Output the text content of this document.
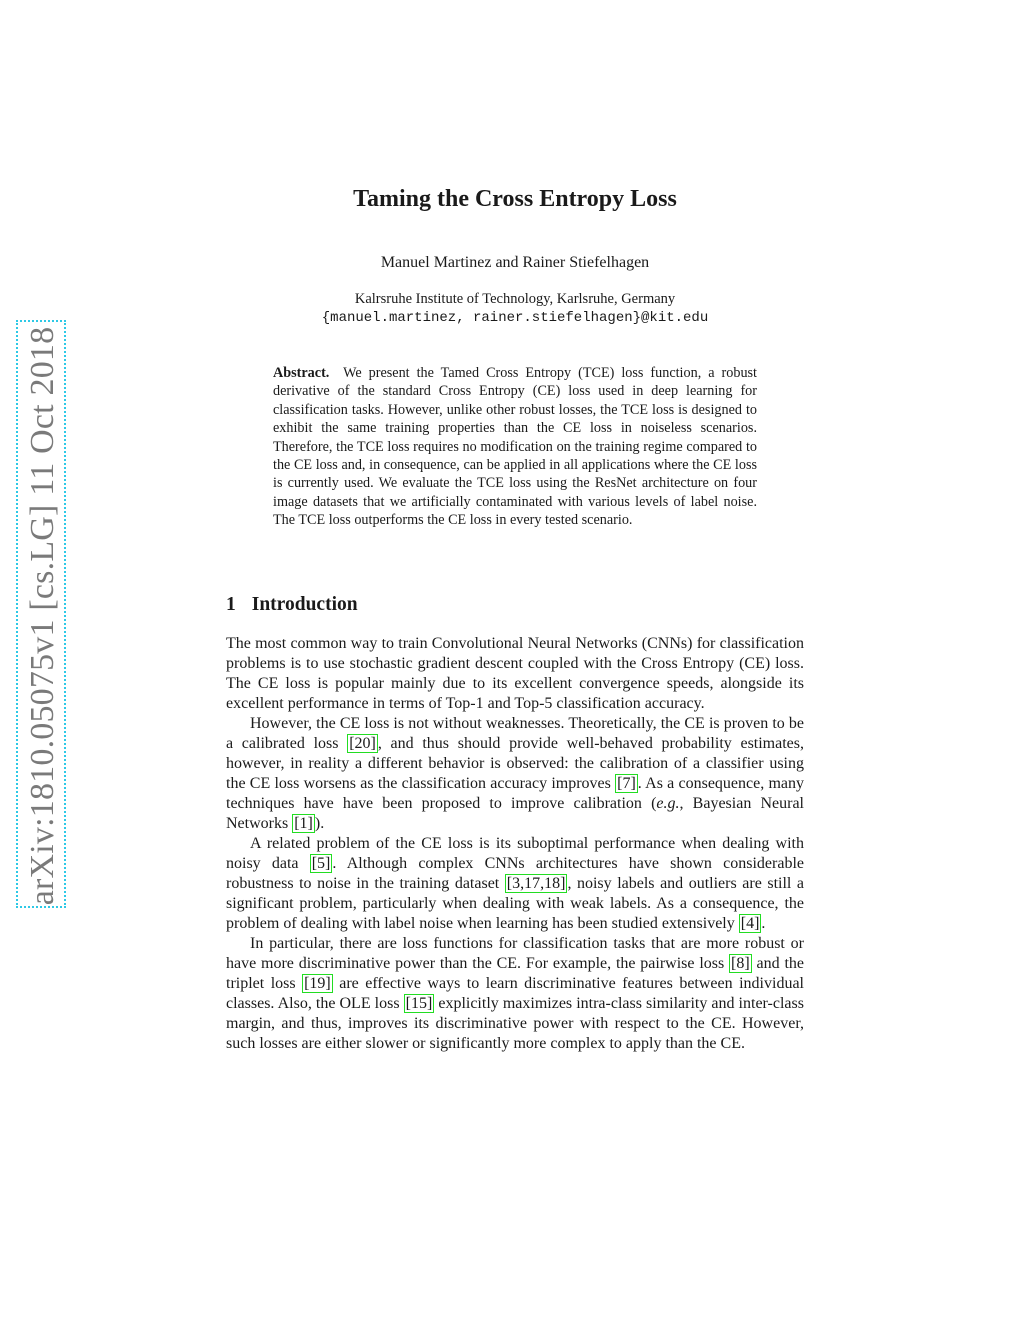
arXiv:1810.05075v1 [cs.LG] 11 Oct 2018
Taming the Cross Entropy Loss
Manuel Martinez and Rainer Stiefelhagen
Kalrsruhe Institute of Technology, Karlsruhe, Germany
{manuel.martinez, rainer.stiefelhagen}@kit.edu

Abstract. We present the Tamed Cross Entropy (TCE) loss function, a robust derivative of the standard Cross Entropy (CE) loss used in deep learning for classification tasks. However, unlike other robust losses, the TCE loss is designed to exhibit the same training properties than the CE loss in noiseless scenarios. Therefore, the TCE loss requires no modification on the training regime compared to the CE loss and, in consequence, can be applied in all applications where the CE loss is currently used. We evaluate the TCE loss using the ResNet architecture on four image datasets that we artificially contaminated with various levels of label noise. The TCE loss outperforms the CE loss in every tested scenario.

1 Introduction

The most common way to train Convolutional Neural Networks (CNNs) for classification problems is to use stochastic gradient descent coupled with the Cross Entropy (CE) loss. The CE loss is popular mainly due to its excellent convergence speeds, alongside its excellent performance in terms of Top-1 and Top-5 classification accuracy.

However, the CE loss is not without weaknesses. Theoretically, the CE is proven to be a calibrated loss [20] , and thus should provide well-behaved probability estimates, however, in reality a different behavior is observed: the calibration of a classifier using the CE loss worsens as the classification accuracy improves [7] . As a consequence, many techniques have have been proposed to improve calibration (e.g., Bayesian Neural Networks [1] ).

A related problem of the CE loss is its suboptimal performance when dealing with noisy data [5] . Although complex CNNs architectures have shown considerable robustness to noise in the training dataset [3,17,18] , noisy labels and outliers are still a significant problem, particularly when dealing with weak labels. As a consequence, the problem of dealing with label noise when learning has been studied extensively [4] .

In particular, there are loss functions for classification tasks that are more robust or have more discriminative power than the CE. For example, the pairwise loss [8] and the triplet loss [19] are effective ways to learn discriminative features between individual classes. Also, the OLE loss [15] explicitly maximizes intra-class similarity and inter-class margin, and thus, improves its discriminative power with respect to the CE. However, such losses are either slower or significantly more complex to apply than the CE.
